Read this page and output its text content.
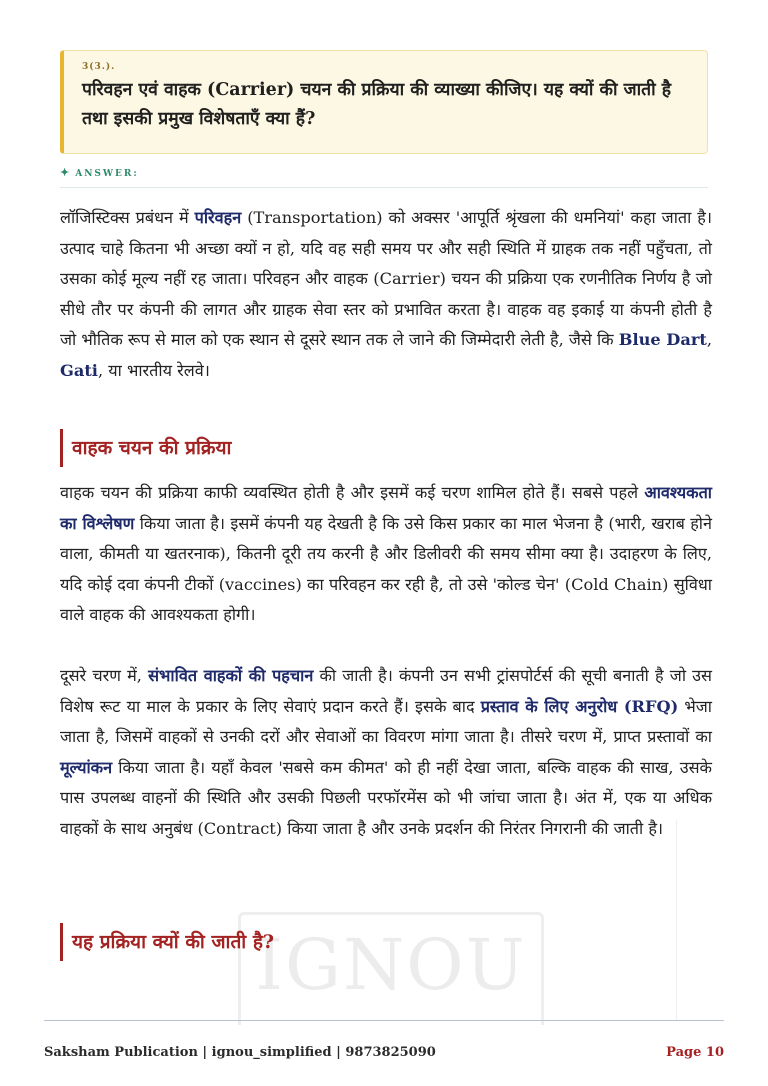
3(3.).
परिवहन एवं वाहक (Carrier) चयन की प्रक्रिया की व्याख्या कीजिए। यह क्यों की जाती है तथा इसकी प्रमुख विशेषताएँ क्या हैं?
✦ ANSWER:
लॉजिस्टिक्स प्रबंधन में परिवहन (Transportation) को अक्सर 'आपूर्ति श्रृंखला की धमनियां' कहा जाता है। उत्पाद चाहे कितना भी अच्छा क्यों न हो, यदि वह सही समय पर और सही स्थिति में ग्राहक तक नहीं पहुँचता, तो उसका कोई मूल्य नहीं रह जाता। परिवहन और वाहक (Carrier) चयन की प्रक्रिया एक रणनीतिक निर्णय है जो सीधे तौर पर कंपनी की लागत और ग्राहक सेवा स्तर को प्रभावित करता है। वाहक वह इकाई या कंपनी होती है जो भौतिक रूप से माल को एक स्थान से दूसरे स्थान तक ले जाने की जिम्मेदारी लेती है, जैसे कि Blue Dart, Gati, या भारतीय रेलवे।
वाहक चयन की प्रक्रिया
वाहक चयन की प्रक्रिया काफी व्यवस्थित होती है और इसमें कई चरण शामिल होते हैं। सबसे पहले आवश्यकता का विश्लेषण किया जाता है। इसमें कंपनी यह देखती है कि उसे किस प्रकार का माल भेजना है (भारी, खराब होने वाला, कीमती या खतरनाक), कितनी दूरी तय करनी है और डिलीवरी की समय सीमा क्या है। उदाहरण के लिए, यदि कोई दवा कंपनी टीकों (vaccines) का परिवहन कर रही है, तो उसे 'कोल्ड चेन' (Cold Chain) सुविधा वाले वाहक की आवश्यकता होगी।
दूसरे चरण में, संभावित वाहकों की पहचान की जाती है। कंपनी उन सभी ट्रांसपोर्टर्स की सूची बनाती है जो उस विशेष रूट या माल के प्रकार के लिए सेवाएं प्रदान करते हैं। इसके बाद प्रस्ताव के लिए अनुरोध (RFQ) भेजा जाता है, जिसमें वाहकों से उनकी दरों और सेवाओं का विवरण मांगा जाता है। तीसरे चरण में, प्राप्त प्रस्तावों का मूल्यांकन किया जाता है। यहाँ केवल 'सबसे कम कीमत' को ही नहीं देखा जाता, बल्कि वाहक की साख, उसके पास उपलब्ध वाहनों की स्थिति और उसकी पिछली परफॉरमेंस को भी जांचा जाता है। अंत में, एक या अधिक वाहकों के साथ अनुबंध (Contract) किया जाता है और उनके प्रदर्शन की निरंतर निगरानी की जाती है।
IGNOU
यह प्रक्रिया क्यों की जाती है?
Saksham Publication | ignou_simplified | 9873825090	Page 10
